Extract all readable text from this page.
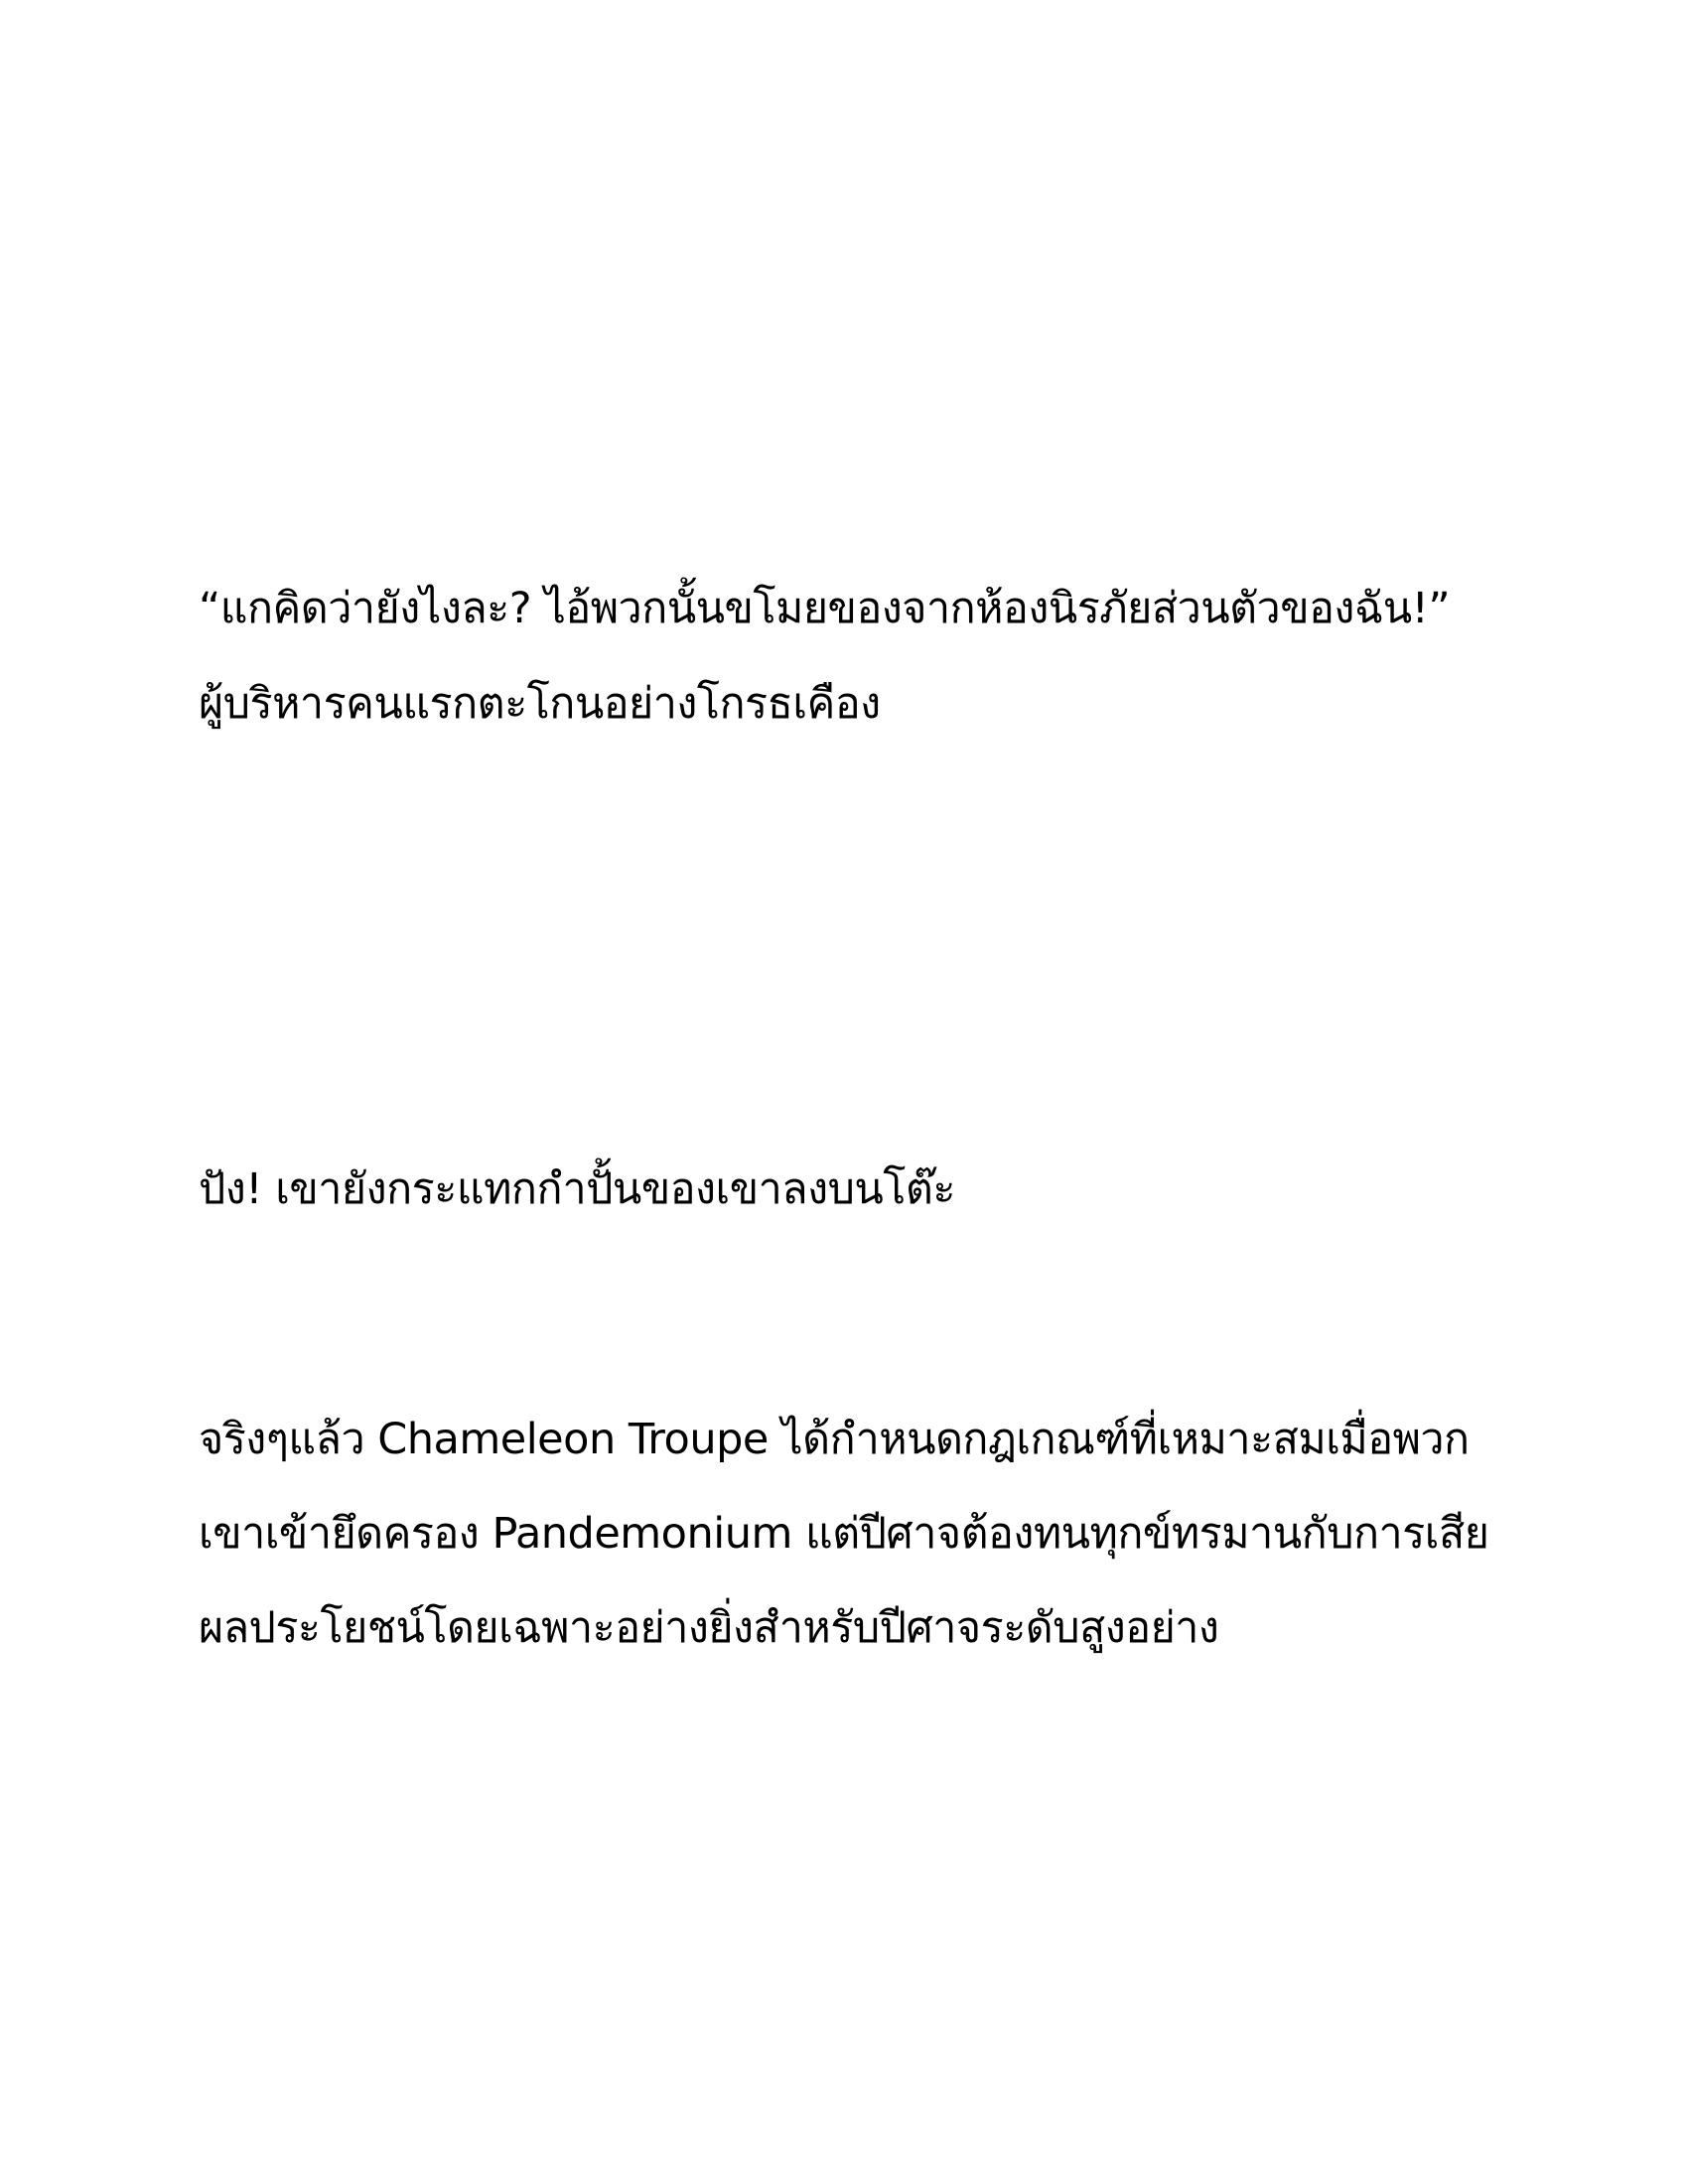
“แกคิดว่ายังไงละ? ไอ้พวกนั้นขโมยของจากห้องนิรภัยส่วนตัวของฉัน!”

ผู้บริหารคนแรกตะโกนอย่างโกรธเคือง

ปัง! เขายังกระแทกกำปั้นของเขาลงบนโต๊ะ

จริงๆแล้ว Chameleon Troupe ได้กำหนดกฎเกณฑ์ที่เหมาะสมเมื่อพวก

เขาเข้ายึดครอง Pandemonium แต่ปีศาจต้องทนทุกข์ทรมานกับการเสีย

ผลประโยชน์โดยเฉพาะอย่างยิ่งสำหรับปีศาจระดับสูงอย่าง
